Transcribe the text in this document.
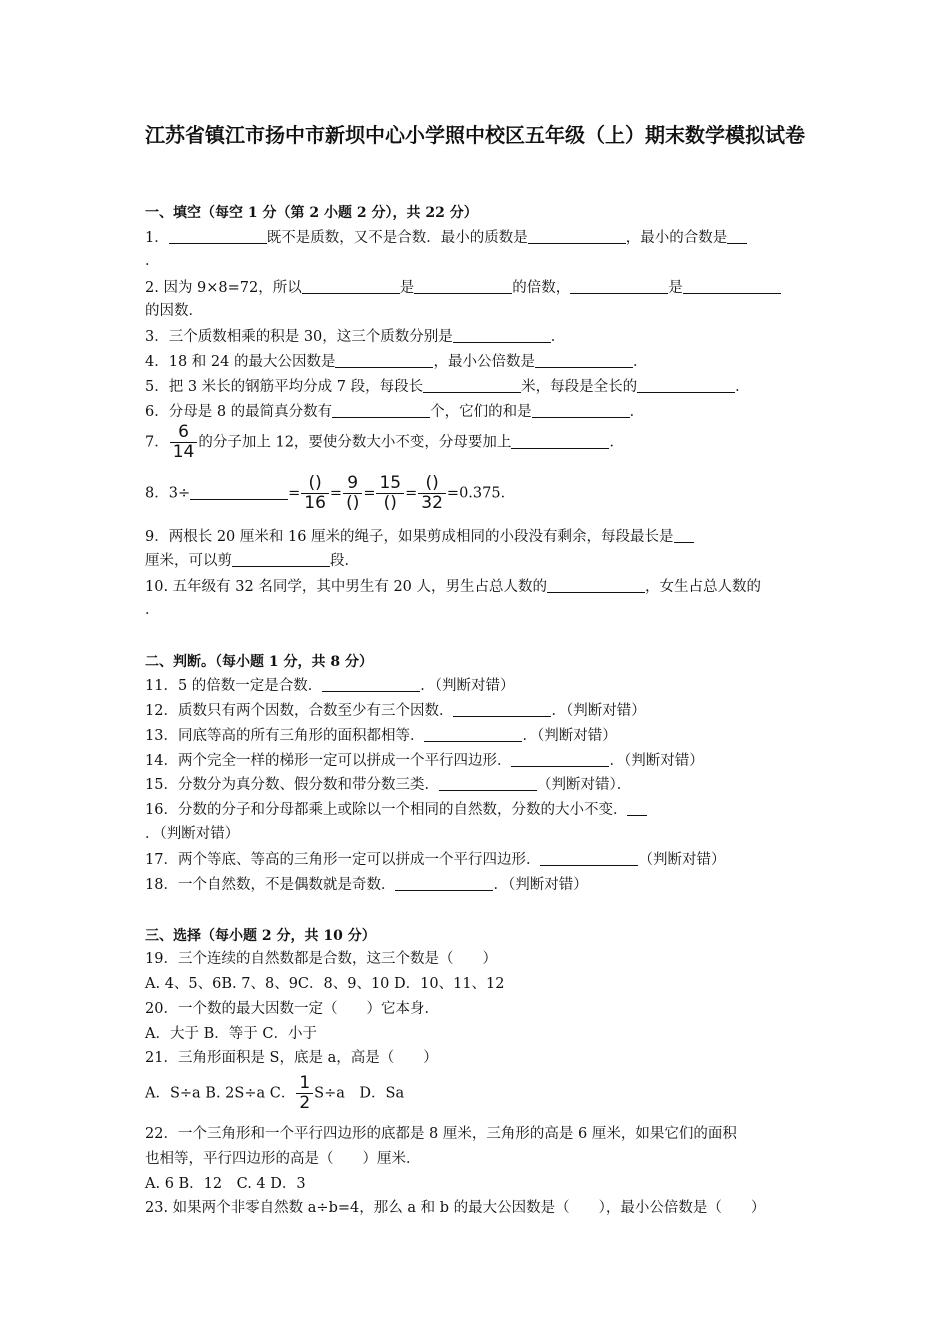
江苏省镇江市扬中市新坝中心小学照中校区五年级（上）期末数学模拟试卷
一、填空（每空 1 分（第 2 小题 2 分），共 22 分）
1．	既不是质数，又不是合数．最小的质数是	，最小的合数是
．
2. 因为 9×8=72，所以	是	的倍数，	是
的因数．
3．三个质数相乘的积是 30，这三个质数分别是	．
4．18 和 24 的最大公因数是	，最小公倍数是	．
5．把 3 米长的钢筋平均分成 7 段，每段长	米，每段是全长的	．
6．分母是 8 的最简真分数有	个，它们的和是	．
7． $\frac{6}{14}$ 的分子加上 12，要使分数大小不变，分母要加上	．
8．3÷	= $\frac{()}{16} = \frac{9}{()} = \frac{15}{()} = \frac{()}{32} =0.375$．
9．两根长 20 厘米和 16 厘米的绳子，如果剪成相同的小段没有剩余，每段最长是
厘米，可以剪	段．
10. 五年级有 32 名同学，其中男生有 20 人，男生占总人数的	，女生占总人数的
．
二、判断。（每小题 1 分，共 8 分）
11．5 的倍数一定是合数．	．（判断对错）
12．质数只有两个因数，合数至少有三个因数．	．（判断对错）
13．同底等高的所有三角形的面积都相等．	．（判断对错）
14．两个完全一样的梯形一定可以拼成一个平行四边形．	．（判断对错）
15．分数分为真分数、假分数和带分数三类．	（判断对错）．
16．分数的分子和分母都乘上或除以一个相同的自然数，分数的大小不变．
．（判断对错）
17．两个等底、等高的三角形一定可以拼成一个平行四边形．	（判断对错）
18．一个自然数，不是偶数就是奇数．	．（判断对错）
三、选择（每小题 2 分，共 10 分）
19．三个连续的自然数都是合数，这三个数是（　　）
A. 4、5、6B. 7、8、9C．8、9、10 D．10、11、12
20．一个数的最大因数一定（　　）它本身．
A．大于 B．等于 C．小于
21．三角形面积是 S，底是 a，高是（　　）
A．S÷a B. 2S÷a C． $\frac{1}{2} S\div a$　D．Sa
22．一个三角形和一个平行四边形的底都是 8 厘米，三角形的高是 6 厘米，如果它们的面积
也相等，平行四边形的高是（　　）厘米．
A. 6 B．12　C. 4 D．3
23. 如果两个非零自然数 a÷b=4，那么 a 和 b 的最大公因数是（　　），最小公倍数是（　　）
